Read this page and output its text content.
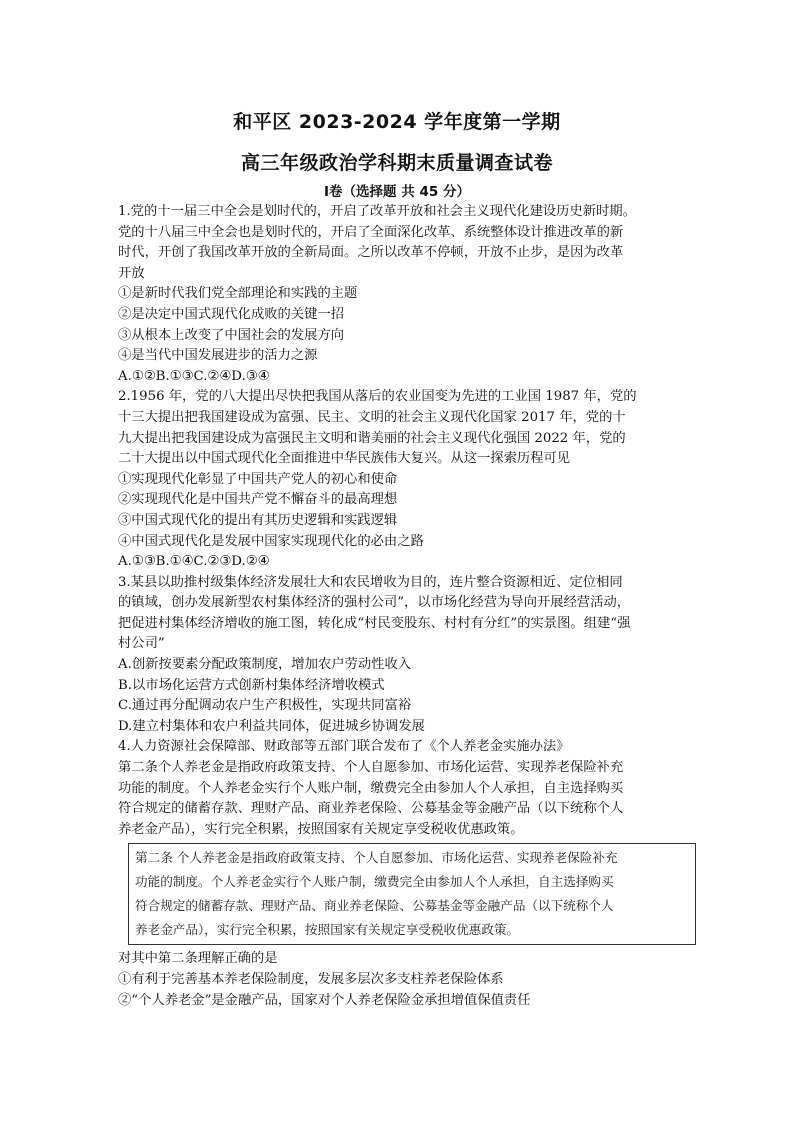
和平区 2023-2024 学年度第一学期
高三年级政治学科期末质量调查试卷
Ⅰ卷（选择题 共 45 分）

1.党的十一届三中全会是划时代的，开启了改革开放和社会主义现代化建设历史新时期。

党的十八届三中全会也是划时代的，开启了全面深化改革、系统整体设计推进改革的新

时代，开创了我国改革开放的全新局面。之所以改革不停顿，开放不止步，是因为改革

开放

①是新时代我们党全部理论和实践的主题

②是决定中国式现代化成败的关键一招

③从根本上改变了中国社会的发展方向

④是当代中国发展进步的活力之源

A.①②B.①③C.②④D.③④

2.1956 年，党的八大提出尽快把我国从落后的农业国变为先进的工业国 1987 年，党的

十三大提出把我国建设成为富强、民主、文明的社会主义现代化国家 2017 年，党的十

九大提出把我国建设成为富强民主文明和谐美丽的社会主义现代化强国 2022 年，党的

二十大提出以中国式现代化全面推进中华民族伟大复兴。从这一探索历程可见

①实现现代化彰显了中国共产党人的初心和使命

②实现现代化是中国共产党不懈奋斗的最高理想

③中国式现代化的提出有其历史逻辑和实践逻辑

④中国式现代化是发展中国家实现现代化的必由之路

A.①③B.①④C.②③D.②④

3.某县以助推村级集体经济发展壮大和农民增收为目的，连片整合资源相近、定位相同

的镇域，创办发展新型农村集体经济的强村公司”，以市场化经营为导向开展经营活动，

把促进村集体经济增收的施工图，转化成“村民变股东、村村有分红”的实景图。组建“强

村公司”

A.创新按要素分配政策制度，增加农户劳动性收入

B.以市场化运营方式创新村集体经济增收模式

C.通过再分配调动农户生产积极性，实现共同富裕

D.建立村集体和农户利益共同体，促进城乡协调发展

4.人力资源社会保障部、财政部等五部门联合发布了《个人养老金实施办法》

第二条个人养老金是指政府政策支持、个人自愿参加、市场化运营、实现养老保险补充

功能的制度。个人养老金实行个人账户制，缴费完全由参加人个人承担，自主选择购买

符合规定的储蓄存款、理财产品、商业养老保险、公募基金等金融产品（以下统称个人

养老金产品），实行完全积累，按照国家有关规定享受税收优惠政策。

第二条 个人养老金是指政府政策支持、个人自愿参加、市场化运营、实现养老保险补充
功能的制度。个人养老金实行个人账户制，缴费完全由参加人个人承担，自主选择购买
符合规定的储蓄存款、理财产品、商业养老保险、公募基金等金融产品（以下统称个人
养老金产品），实行完全积累，按照国家有关规定享受税收优惠政策。

对其中第二条理解正确的是

①有利于完善基本养老保险制度，发展多层次多支柱养老保险体系

②“个人养老金”是金融产品，国家对个人养老保险金承担增值保值责任
